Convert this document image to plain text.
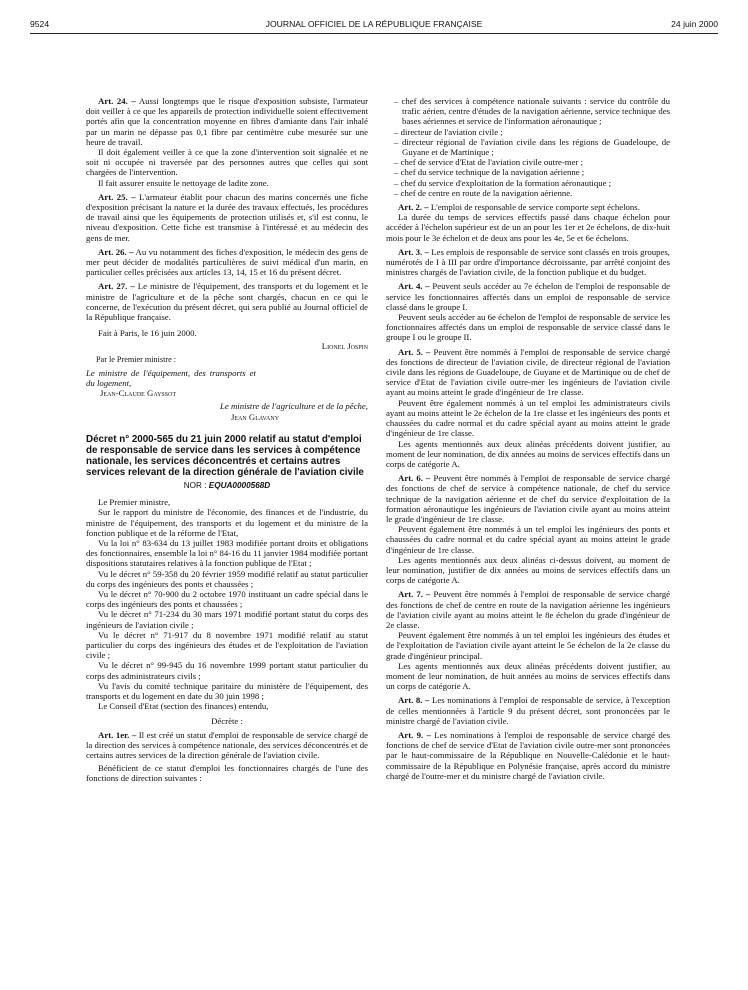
9524	JOURNAL OFFICIEL DE LA RÉPUBLIQUE FRANÇAISE	24 juin 2000

Art. 24. – Aussi longtemps que le risque d'exposition subsiste, l'armateur doit veiller à ce que les appareils de protection individuelle soient effectivement portés afin que la concentration moyenne en fibres d'amiante dans l'air inhalé par un marin ne dépasse pas 0,1 fibre par centimètre cube mesurée sur une heure de travail.

Il doit également veiller à ce que la zone d'intervention soit signalée et ne soit ni occupée ni traversée par des personnes autres que celles qui sont chargées de l'intervention.

Il fait assurer ensuite le nettoyage de ladite zone.

Art. 25. – L'armateur établit pour chacun des marins concernés une fiche d'exposition précisant la nature et la durée des travaux effectués, les procédures de travail ainsi que les équipements de protection utilisés et, s'il est connu, le niveau d'exposition. Cette fiche est transmise à l'intéressé et au médecin des gens de mer.

Art. 26. – Au vu notamment des fiches d'exposition, le médecin des gens de mer peut décider de modalités particulières de suivi médical d'un marin, en particulier celles précisées aux articles 13, 14, 15 et 16 du présent décret.

Art. 27. – Le ministre de l'équipement, des transports et du logement et le ministre de l'agriculture et de la pêche sont chargés, chacun en ce qui le concerne, de l'exécution du présent décret, qui sera publié au Journal officiel de la République française.

Fait à Paris, le 16 juin 2000.

Lionel Jospin

Par le Premier ministre :

Le ministre de l'équipement, des transports et du logement,

Jean-Claude Gayssot

Le ministre de l'agriculture et de la pêche,

Jean Glavany

Décret n° 2000-565 du 21 juin 2000 relatif au statut d'emploi de responsable de service dans les services à compétence nationale, les services déconcentrés et certains autres services relevant de la direction générale de l'aviation civile
NOR : EQUA0000568D

Le Premier ministre,

Sur le rapport du ministre de l'économie, des finances et de l'industrie, du ministre de l'équipement, des transports et du logement et du ministre de la fonction publique et de la réforme de l'Etat,

Vu la loi n° 83-634 du 13 juillet 1983 modifiée portant droits et obligations des fonctionnaires, ensemble la loi n° 84-16 du 11 janvier 1984 modifiée portant dispositions statutaires relatives à la fonction publique de l'Etat ;

Vu le décret n° 59-358 du 20 février 1959 modifié relatif au statut particulier du corps des ingénieurs des ponts et chaussées ;

Vu le décret n° 70-900 du 2 octobre 1970 instituant un cadre spécial dans le corps des ingénieurs des ponts et chaussées ;

Vu le décret n° 71-234 du 30 mars 1971 modifié portant statut du corps des ingénieurs de l'aviation civile ;

Vu le décret n° 71-917 du 8 novembre 1971 modifié relatif au statut particulier du corps des ingénieurs des études et de l'exploitation de l'aviation civile ;

Vu le décret n° 99-945 du 16 novembre 1999 portant statut particulier du corps des administrateurs civils ;

Vu l'avis du comité technique paritaire du ministère de l'équipement, des transports et du logement en date du 30 juin 1998 ;

Le Conseil d'Etat (section des finances) entendu,

Décrète :

Art. 1er. – Il est créé un statut d'emploi de responsable de service chargé de la direction des services à compétence nationale, des services déconcentrés et de certains autres services de la direction générale de l'aviation civile.

Bénéficient de ce statut d'emploi les fonctionnaires chargés de l'une des fonctions de direction suivantes :

– chef des services à compétence nationale suivants : service du contrôle du trafic aérien, centre d'études de la navigation aérienne, service technique des bases aériennes et service de l'information aéronautique ;

– directeur de l'aviation civile ;

– directeur régional de l'aviation civile dans les régions de Guadeloupe, de Guyane et de Martinique ;

– chef de service d'Etat de l'aviation civile outre-mer ;

– chef du service technique de la navigation aérienne ;

– chef du service d'exploitation de la formation aéronautique ;

– chef de centre en route de la navigation aérienne.

Art. 2. – L'emploi de responsable de service comporte sept échelons.

La durée du temps de services effectifs passé dans chaque échelon pour accéder à l'échelon supérieur est de un an pour les 1er et 2e échelons, de dix-huit mois pour le 3e échelon et de deux ans pour les 4e, 5e et 6e échelons.

Art. 3. – Les emplois de responsable de service sont classés en trois groupes, numérotés de I à III par ordre d'importance décroissante, par arrêté conjoint des ministres chargés de l'aviation civile, de la fonction publique et du budget.

Art. 4. – Peuvent seuls accéder au 7e échelon de l'emploi de responsable de service les fonctionnaires affectés dans un emploi de responsable de service classé dans le groupe I.

Peuvent seuls accéder au 6e échelon de l'emploi de responsable de service les fonctionnaires affectés dans un emploi de responsable de service classé dans le groupe I ou le groupe II.

Art. 5. – Peuvent être nommés à l'emploi de responsable de service chargé des fonctions de directeur de l'aviation civile, de directeur régional de l'aviation civile dans les régions de Guadeloupe, de Guyane et de Martinique ou de chef de service d'Etat de l'aviation civile outre-mer les ingénieurs de l'aviation civile ayant au moins atteint le grade d'ingénieur de 1re classe.

Peuvent être également nommés à un tel emploi les administrateurs civils ayant au moins atteint le 2e échelon de la 1re classe et les ingénieurs des ponts et chaussées du cadre normal et du cadre spécial ayant au moins atteint le grade d'ingénieur de 1re classe.

Les agents mentionnés aux deux alinéas précédents doivent justifier, au moment de leur nomination, de dix années au moins de services effectifs dans un corps de catégorie A.

Art. 6. – Peuvent être nommés à l'emploi de responsable de service chargé des fonctions de chef de service à compétence nationale, de chef du service technique de la navigation aérienne et de chef du service d'exploitation de la formation aéronautique les ingénieurs de l'aviation civile ayant au moins atteint le grade d'ingénieur de 1re classe.

Peuvent également être nommés à un tel emploi les ingénieurs des ponts et chaussées du cadre normal et du cadre spécial ayant au moins atteint le grade d'ingénieur de 1re classe.

Les agents mentionnés aux deux alinéas ci-dessus doivent, au moment de leur nomination, justifier de dix années au moins de services effectifs dans un corps de catégorie A.

Art. 7. – Peuvent être nommés à l'emploi de responsable de service chargé des fonctions de chef de centre en route de la navigation aérienne les ingénieurs de l'aviation civile ayant au moins atteint le 8e échelon du grade d'ingénieur de 2e classe.

Peuvent également être nommés à un tel emploi les ingénieurs des études et de l'exploitation de l'aviation civile ayant atteint le 5e échelon de la 2e classe du grade d'ingénieur principal.

Les agents mentionnés aux deux alinéas précédents doivent justifier, au moment de leur nomination, de huit années au moins de services effectifs dans un corps de catégorie A.

Art. 8. – Les nominations à l'emploi de responsable de service, à l'exception de celles mentionnées à l'article 9 du présent décret, sont prononcées par le ministre chargé de l'aviation civile.

Art. 9. – Les nominations à l'emploi de responsable de service chargé des fonctions de chef de service d'Etat de l'aviation civile outre-mer sont prononcées par le haut-commissaire de la République en Nouvelle-Calédonie et le haut-commissaire de la République en Polynésie française, après accord du ministre chargé de l'outre-mer et du ministre chargé de l'aviation civile.
